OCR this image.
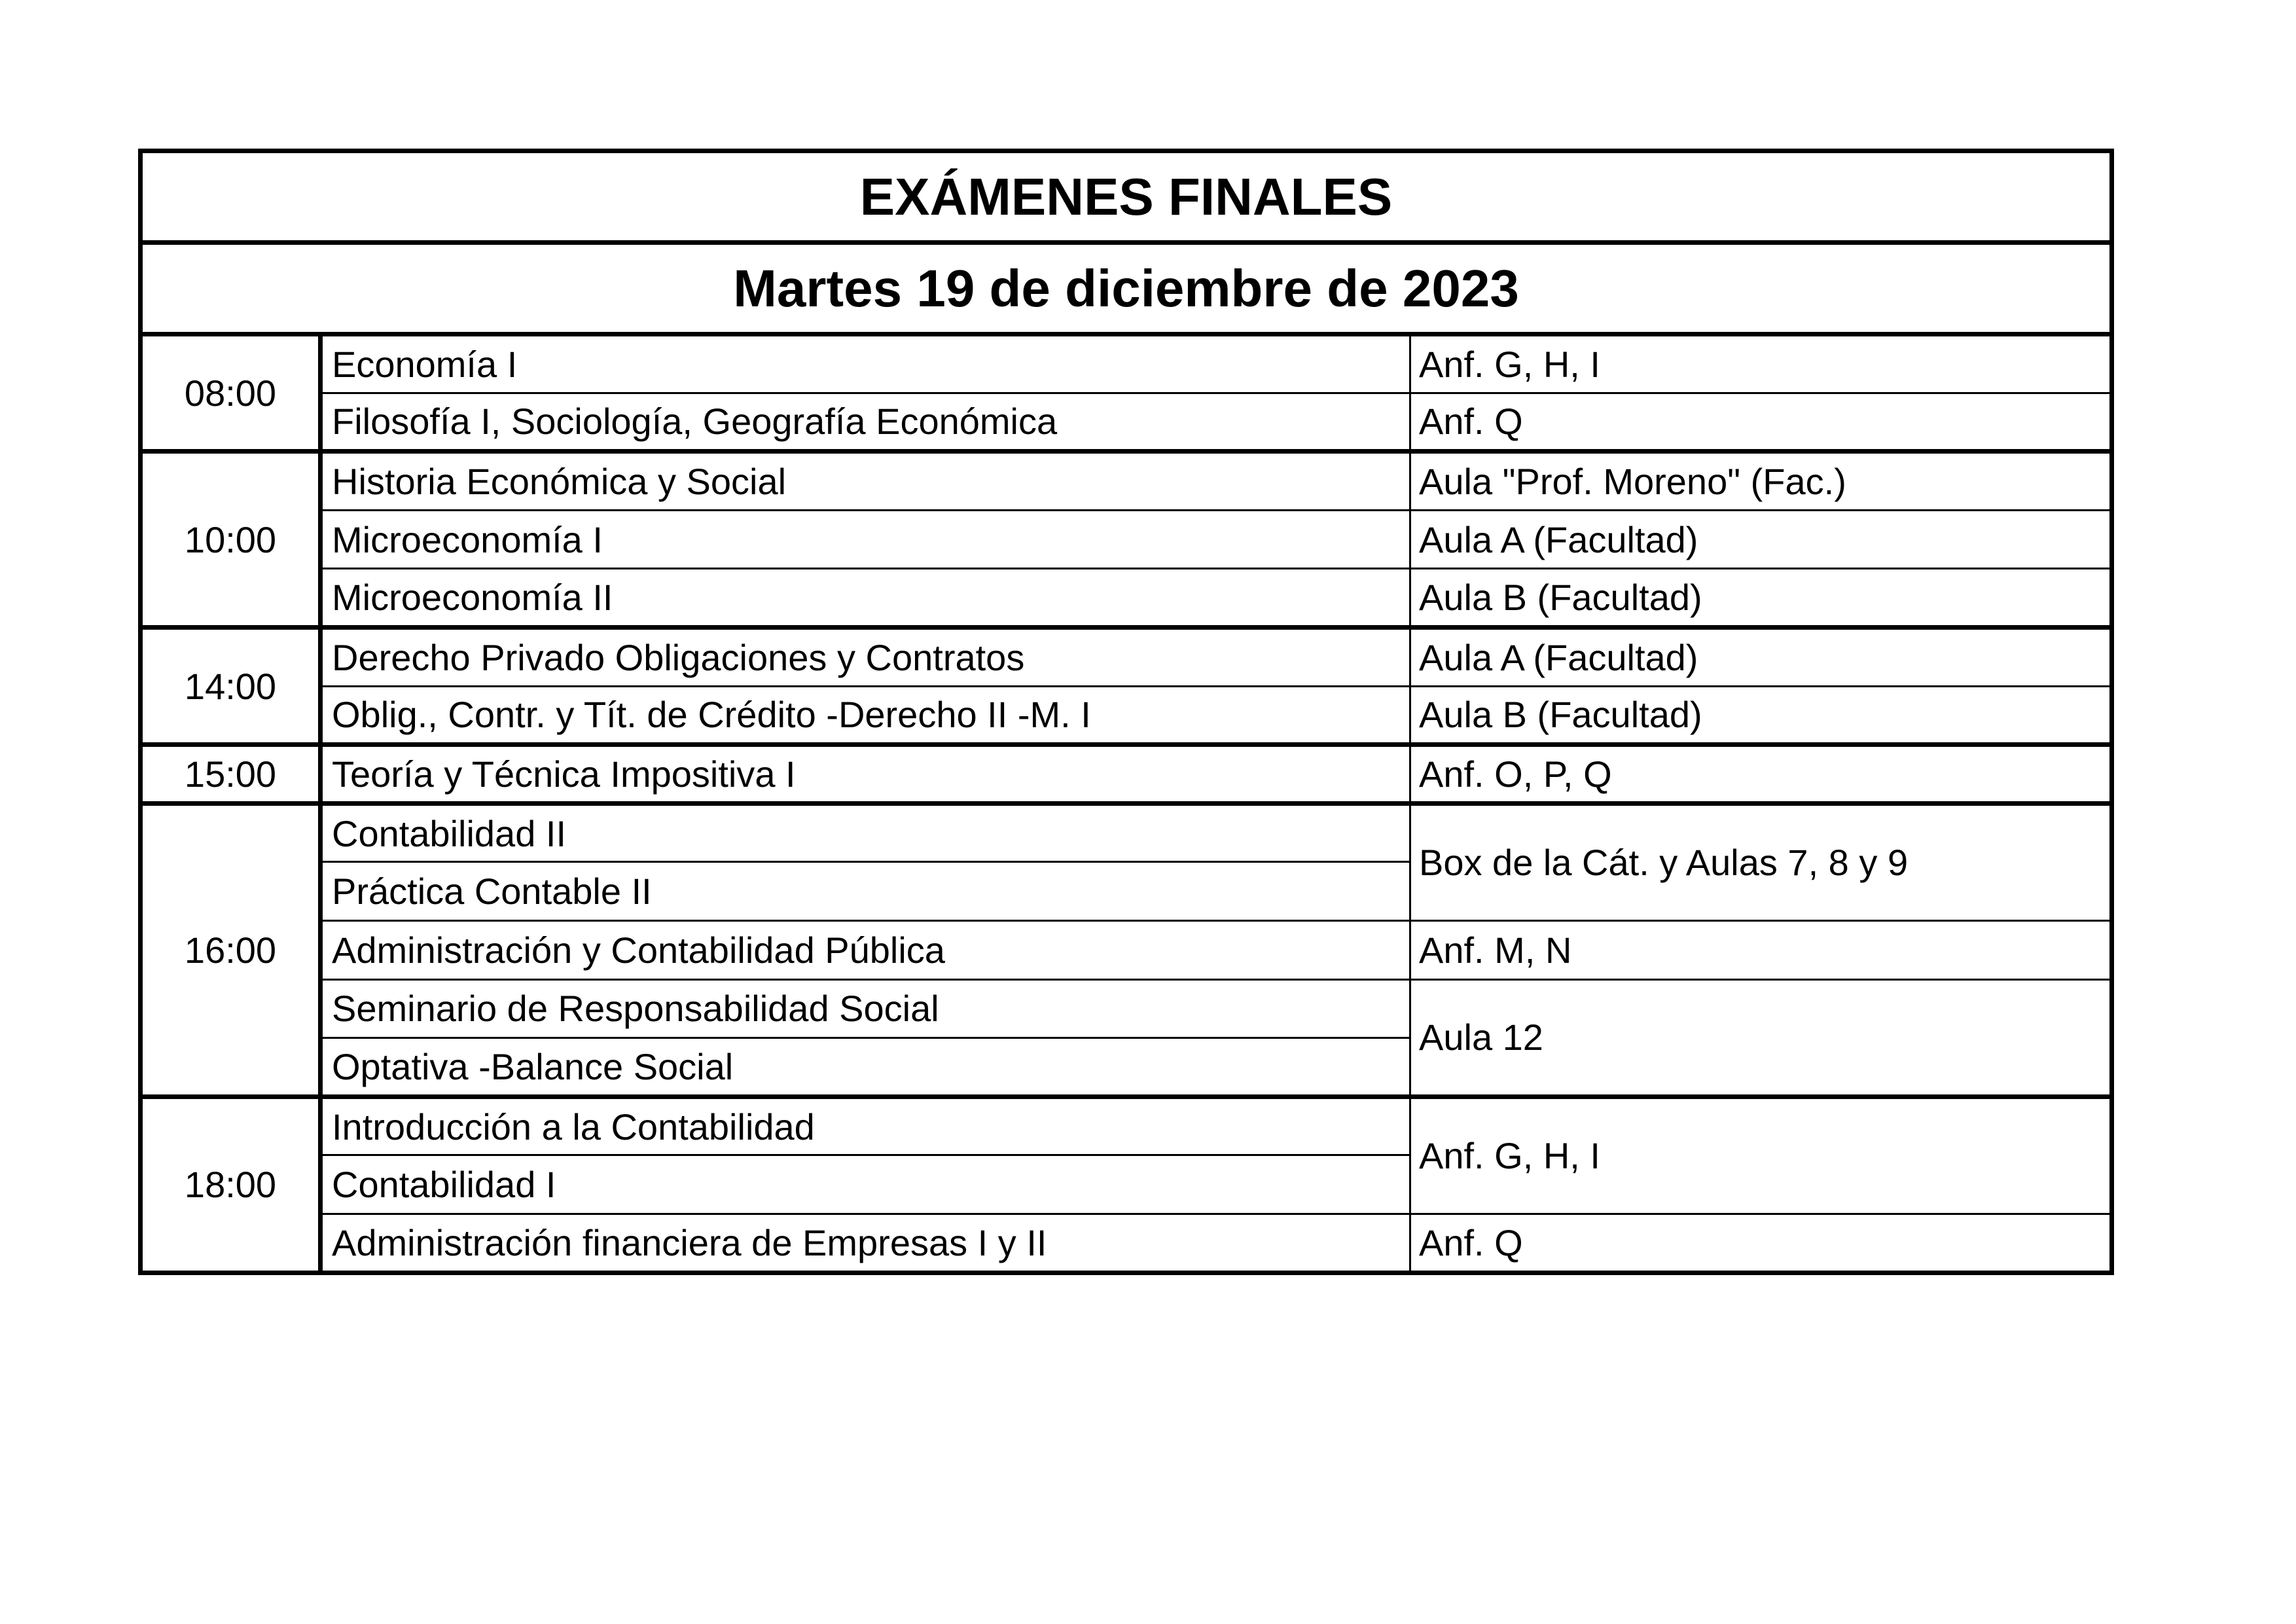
EXÁMENES FINALES		
Martes 19 de diciembre de 2023		
08:00	Economía I	Anf. G, H, I
	Filosofía I, Sociología, Geografía Económica	Anf. Q
10:00	Historia Económica y Social	Aula "Prof. Moreno" (Fac.)
	Microeconomía I	Aula A (Facultad)
	Microeconomía II	Aula B (Facultad)
14:00	Derecho Privado Obligaciones y Contratos	Aula A (Facultad)
	Oblig., Contr. y Tít. de Crédito -Derecho II -M. I	Aula B (Facultad)
15:00	Teoría y Técnica Impositiva I	Anf. O, P, Q
16:00	Contabilidad II	Box de la Cát. y Aulas 7, 8 y 9
	Práctica Contable II	
	Administración y Contabilidad Pública	Anf. M, N
	Seminario de Responsabilidad Social	Aula 12
	Optativa -Balance Social	
18:00	Introducción a la Contabilidad	Anf. G, H, I
	Contabilidad I	
	Administración financiera de Empresas I y II	Anf. Q
